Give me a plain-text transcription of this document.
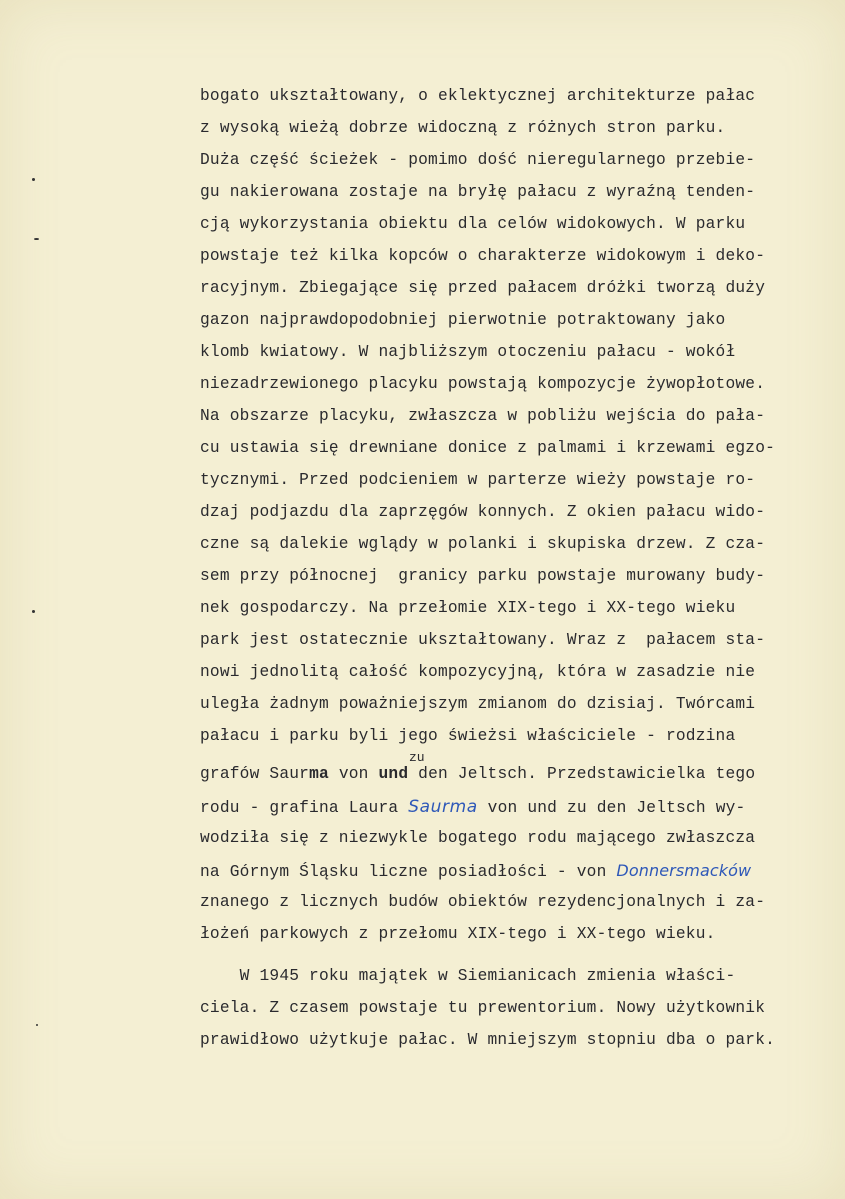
bogato ukształtowany, o eklektycznej architekturze pałac
z wysoką wieżą dobrze widoczną z różnych stron parku.
Duża część ścieżek - pomimo dość nieregularnego przebie-
gu nakierowana zostaje na bryłę pałacu z wyraźną tenden-
cją wykorzystania obiektu dla celów widokowych. W parku
powstaje też kilka kopców o charakterze widokowym i deko-
racyjnym. Zbiegające się przed pałacem dróżki tworzą duży
gazon najprawdopodobniej pierwotnie potraktowany jako
klomb kwiatowy. W najbliższym otoczeniu pałacu - wokół
niezadrzewionego placyku powstają kompozycje żywopłotowe.
Na obszarze placyku, zwłaszcza w pobliżu wejścia do pała-
cu ustawia się drewniane donice z palmami i krzewami egzo-
tycznymi. Przed podcieniem w parterze wieży powstaje ro-
dzaj podjazdu dla zaprzęgów konnych. Z okien pałacu wido-
czne są dalekie wglądy w polanki i skupiska drzew. Z cza-
sem przy północnej  granicy parku powstaje murowany budy-
nek gospodarczy. Na przełomie XIX-tego i XX-tego wieku
park jest ostatecznie ukształtowany. Wraz z  pałacem sta-
nowi jednolitą całość kompozycyjną, która w zasadzie nie
uległa żadnym poważniejszym zmianom do dzisiaj. Twórcami
pałacu i parku byli jego świeżsi właściciele - rodzina
zu
grafów Saurma von und den Jeltsch. Przedstawicielka tego
rodu - grafina Laura Saurma von und zu den Jeltsch wy-
wodziła się z niezwykle bogatego rodu mającego zwłaszcza
na Górnym Śląsku liczne posiadłości - von Donnersmacków
znanego z licznych budów obiektów rezydencjonalnych i za-
łożeń parkowych z przełomu XIX-tego i XX-tego wieku.
W 1945 roku majątek w Siemianicach zmienia właści-
ciela. Z czasem powstaje tu prewentorium. Nowy użytkownik
prawidłowo użytkuje pałac. W mniejszym stopniu dba o park.
